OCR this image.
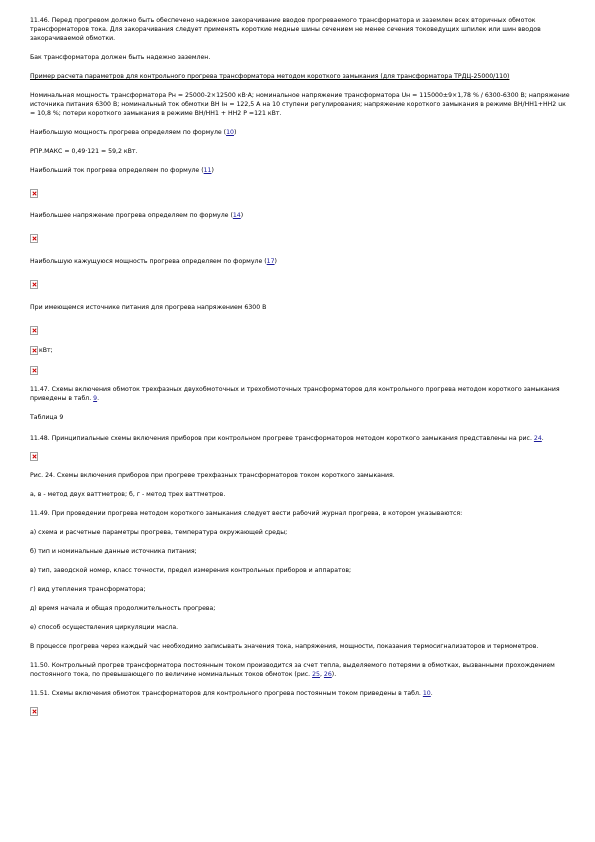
11.46. Перед прогревом должно быть обеспечено надежное закорачивание вводов прогреваемого трансформатора и заземлен всех вторичных обмоток трансформаторов тока. Для закорачивания следует применять короткие медные шины сечением не менее сечения токоведущих шпилек или шин вводов закорачиваемой обмотки.

Бак трансформатора должен быть надежно заземлен.

Пример расчета параметров для контрольного прогрева трансформатора методом короткого замыкания (для трансформатора ТРДЦ-25000/110)

Номинальная мощность трансформатора Pн = 25000-2×12500 кВ·А; номинальное напряжение трансформатора Uн = 115000±9×1,78 % / 6300-6300 В; напряжение источника питания 6300 В; номинальный ток обмотки ВН Iн = 122,5 А на 10 ступени регулирования; напряжение короткого замыкания в режиме ВН/НН1+НН2 uк = 10,8 %; потери короткого замыкания в режиме ВН/НН1 + НН2 P =121 кВт.

Наибольшую мощность прогрева определяем по формуле (10)

PПР.МАКС = 0,49·121 = 59,2 кВт.

Наибольший ток прогрева определяем по формуле (11)

Наибольшее напряжение прогрева определяем по формуле (14)

Наибольшую кажущуюся мощность прогрева определяем по формуле (17)

При имеющемся источнике питания для прогрева напряжением 6300 В

кВт;

11.47. Схемы включения обмоток трехфазных двухобмоточных и трехобмоточных трансформаторов для контрольного прогрева методом короткого замыкания приведены в табл. 9.

Таблица 9

11.48. Принципиальные схемы включения приборов при контрольном прогреве трансформаторов методом короткого замыкания представлены на рис. 24.

Рис. 24. Схемы включения приборов при прогреве трехфазных трансформаторов током короткого замыкания.

а, в - метод двух ваттметров; б, г - метод трех ваттметров.

11.49. При проведении прогрева методом короткого замыкания следует вести рабочий журнал прогрева, в котором указываются:

а) схема и расчетные параметры прогрева, температура окружающей среды;

б) тип и номинальные данные источника питания;

в) тип, заводской номер, класс точности, предел измерения контрольных приборов и аппаратов;

г) вид утепления трансформатора;

д) время начала и общая продолжительность прогрева;

е) способ осуществления циркуляции масла.

В процессе прогрева через каждый час необходимо записывать значения тока, напряжения, мощности, показания термосигнализаторов и термометров.

11.50. Контрольный прогрев трансформатора постоянным током производится за счет тепла, выделяемого потерями в обмотках, вызванными прохождением постоянного тока, по превышающего по величине номинальных токов обмоток (рис. 25, 26).

11.51. Схемы включения обмоток трансформаторов для контрольного прогрева постоянным током приведены в табл. 10.
